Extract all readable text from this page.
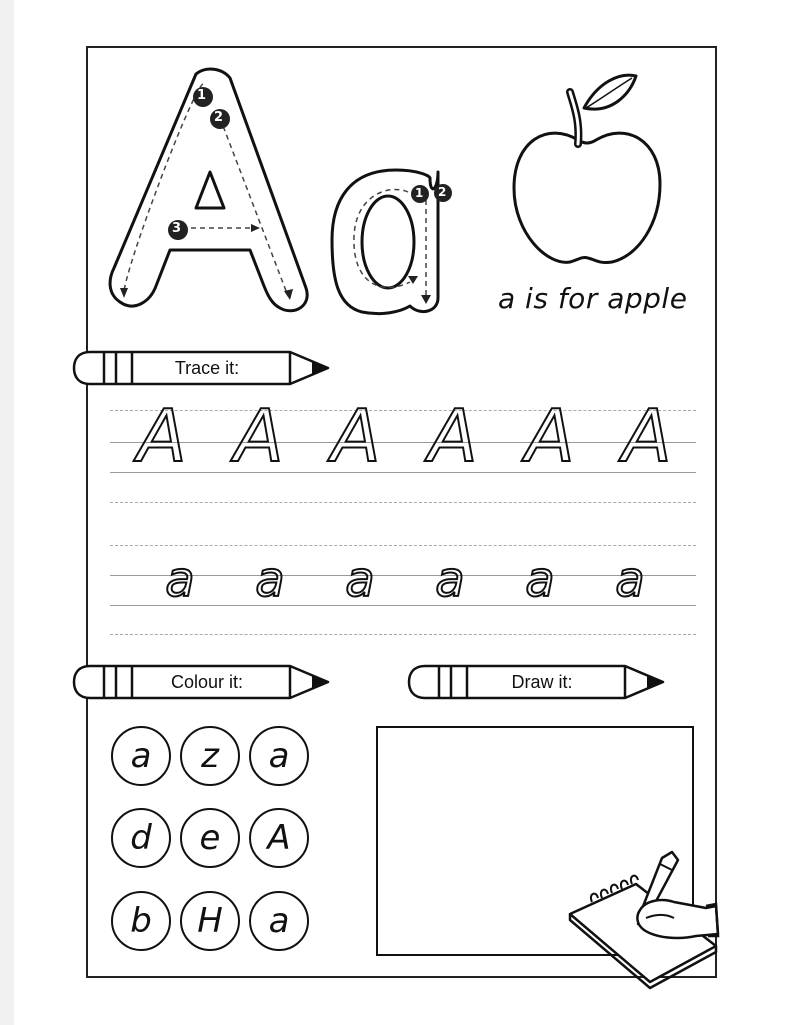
1
2
3
1 2
a is for apple
Trace it:
A A A A A A
a	a	a	a	a	a
Colour it:	Draw it:
a	z	a
d	e	A
b	H	a
